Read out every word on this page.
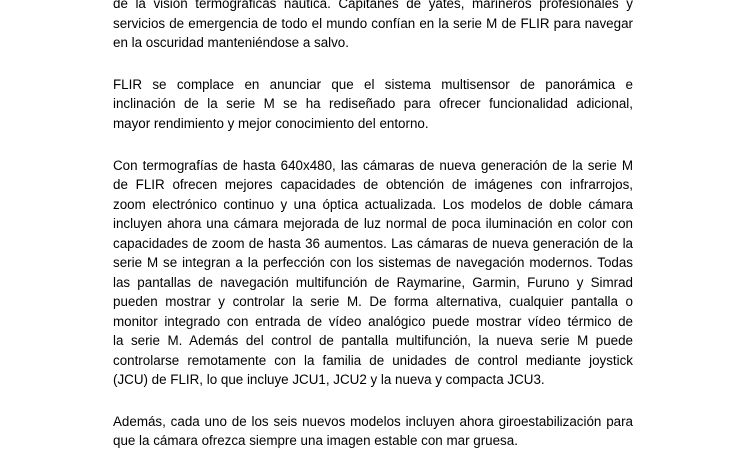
de la visión termográficas náutica. Capitanes de yates, marineros profesionales y
servicios de emergencia de todo el mundo confían en la serie M de FLIR para navegar
en la oscuridad manteniéndose a salvo.

FLIR se complace en anunciar que el sistema multisensor de panorámica e
inclinación de la serie M se ha rediseñado para ofrecer funcionalidad adicional,
mayor rendimiento y mejor conocimiento del entorno.

Con termografías de hasta 640x480, las cámaras de nueva generación de la serie M
de FLIR ofrecen mejores capacidades de obtención de imágenes con infrarrojos,
zoom electrónico continuo y una óptica actualizada. Los modelos de doble cámara
incluyen ahora una cámara mejorada de luz normal de poca iluminación en color con
capacidades de zoom de hasta 36 aumentos. Las cámaras de nueva generación de la
serie M se integran a la perfección con los sistemas de navegación modernos. Todas
las pantallas de navegación multifunción de Raymarine, Garmin, Furuno y Simrad
pueden mostrar y controlar la serie M. De forma alternativa, cualquier pantalla o
monitor integrado con entrada de vídeo analógico puede mostrar vídeo térmico de
la serie M. Además del control de pantalla multifunción, la nueva serie M puede
controlarse remotamente con la familia de unidades de control mediante joystick
(JCU) de FLIR, lo que incluye JCU1, JCU2 y la nueva y compacta JCU3.

Además, cada uno de los seis nuevos modelos incluyen ahora giroestabilización para
que la cámara ofrezca siempre una imagen estable con mar gruesa.
